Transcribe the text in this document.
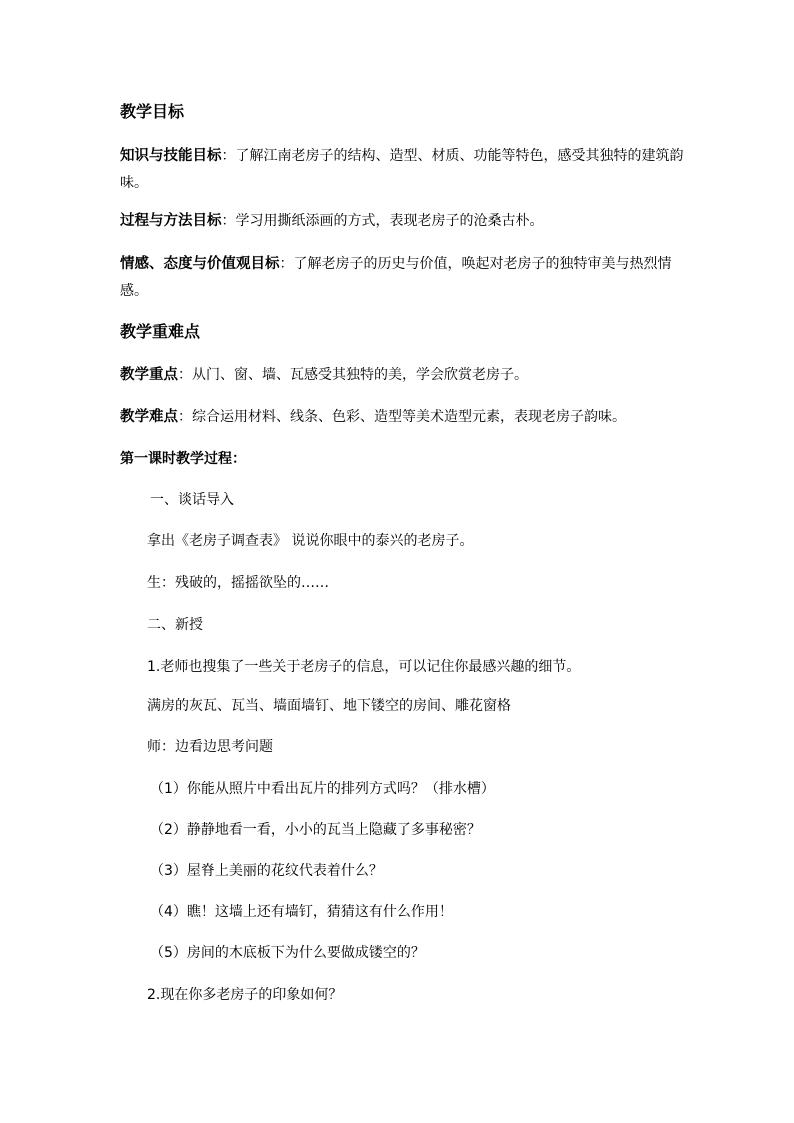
教学目标
知识与技能目标：了解江南老房子的结构、造型、材质、功能等特色，感受其独特的建筑韵味。
过程与方法目标：学习用撕纸添画的方式，表现老房子的沧桑古朴。
情感、态度与价值观目标：了解老房子的历史与价值，唤起对老房子的独特审美与热烈情感。
教学重难点
教学重点：从门、窗、墙、瓦感受其独特的美，学会欣赏老房子。
教学难点：综合运用材料、线条、色彩、造型等美术造型元素，表现老房子韵味。
第一课时教学过程：
一、谈话导入
拿出《老房子调查表》 说说你眼中的泰兴的老房子。
生：残破的，摇摇欲坠的……
二、新授
1.老师也搜集了一些关于老房子的信息，可以记住你最感兴趣的细节。
满房的灰瓦、瓦当、墙面墙钉、地下镂空的房间、雕花窗格
师：边看边思考问题
（1）你能从照片中看出瓦片的排列方式吗？（排水槽）
（2）静静地看一看，小小的瓦当上隐藏了多事秘密？
（3）屋脊上美丽的花纹代表着什么？
（4）瞧！这墙上还有墙钉，猜猜这有什么作用！
（5）房间的木底板下为什么要做成镂空的？
2.现在你多老房子的印象如何？
